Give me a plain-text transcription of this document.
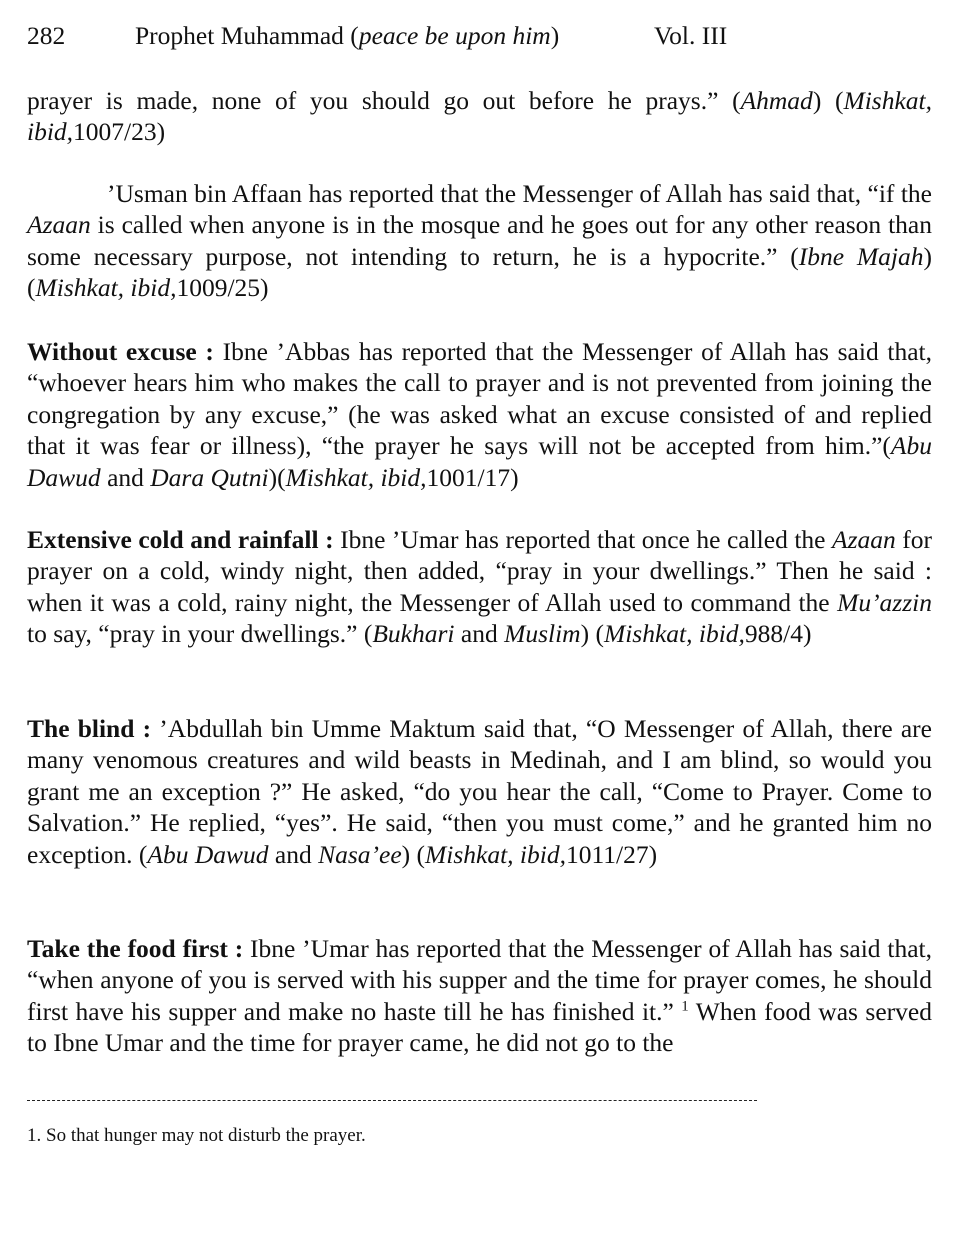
282	Prophet Muhammad (peace be upon him)	Vol. III

prayer is made, none of you should go out before he prays.” (Ahmad) (Mishkat, ibid,1007/23)

’Usman bin Affaan has reported that the Messenger of Allah has said that, “if the Azaan is called when anyone is in the mosque and he goes out for any other reason than some necessary purpose, not intending to return, he is a hypocrite.” (Ibne Majah) (Mishkat, ibid,1009/25)

Without excuse : Ibne ’Abbas has reported that the Messenger of Allah has said that, “whoever hears him who makes the call to prayer and is not prevented from joining the congregation by any excuse,” (he was asked what an excuse consisted of and replied that it was fear or illness), “the prayer he says will not be accepted from him.”(Abu Dawud and Dara Qutni)(Mishkat, ibid,1001/17)

Extensive cold and rainfall : Ibne ’Umar has reported that once he called the Azaan for prayer on a cold, windy night, then added, “pray in your dwellings.” Then he said : when it was a cold, rainy night, the Messenger of Allah used to command the Mu’azzin to say, “pray in your dwellings.” (Bukhari and Muslim) (Mishkat, ibid,988/4)

The blind : ’Abdullah bin Umme Maktum said that, “O Messenger of Allah, there are many venomous creatures and wild beasts in Medinah, and I am blind, so would you grant me an exception ?” He asked, “do you hear the call, “Come to Prayer. Come to Salvation.” He replied, “yes”. He said, “then you must come,” and he granted him no exception. (Abu Dawud and Nasa’ee) (Mishkat, ibid,1011/27)

Take the food first : Ibne ’Umar has reported that the Messenger of Allah has said that, “when anyone of you is served with his supper and the time for prayer comes, he should first have his supper and make no haste till he has finished it.” $^1$ When food was served to Ibne Umar and the time for prayer came, he did not go to the

1. So that hunger may not disturb the prayer.
